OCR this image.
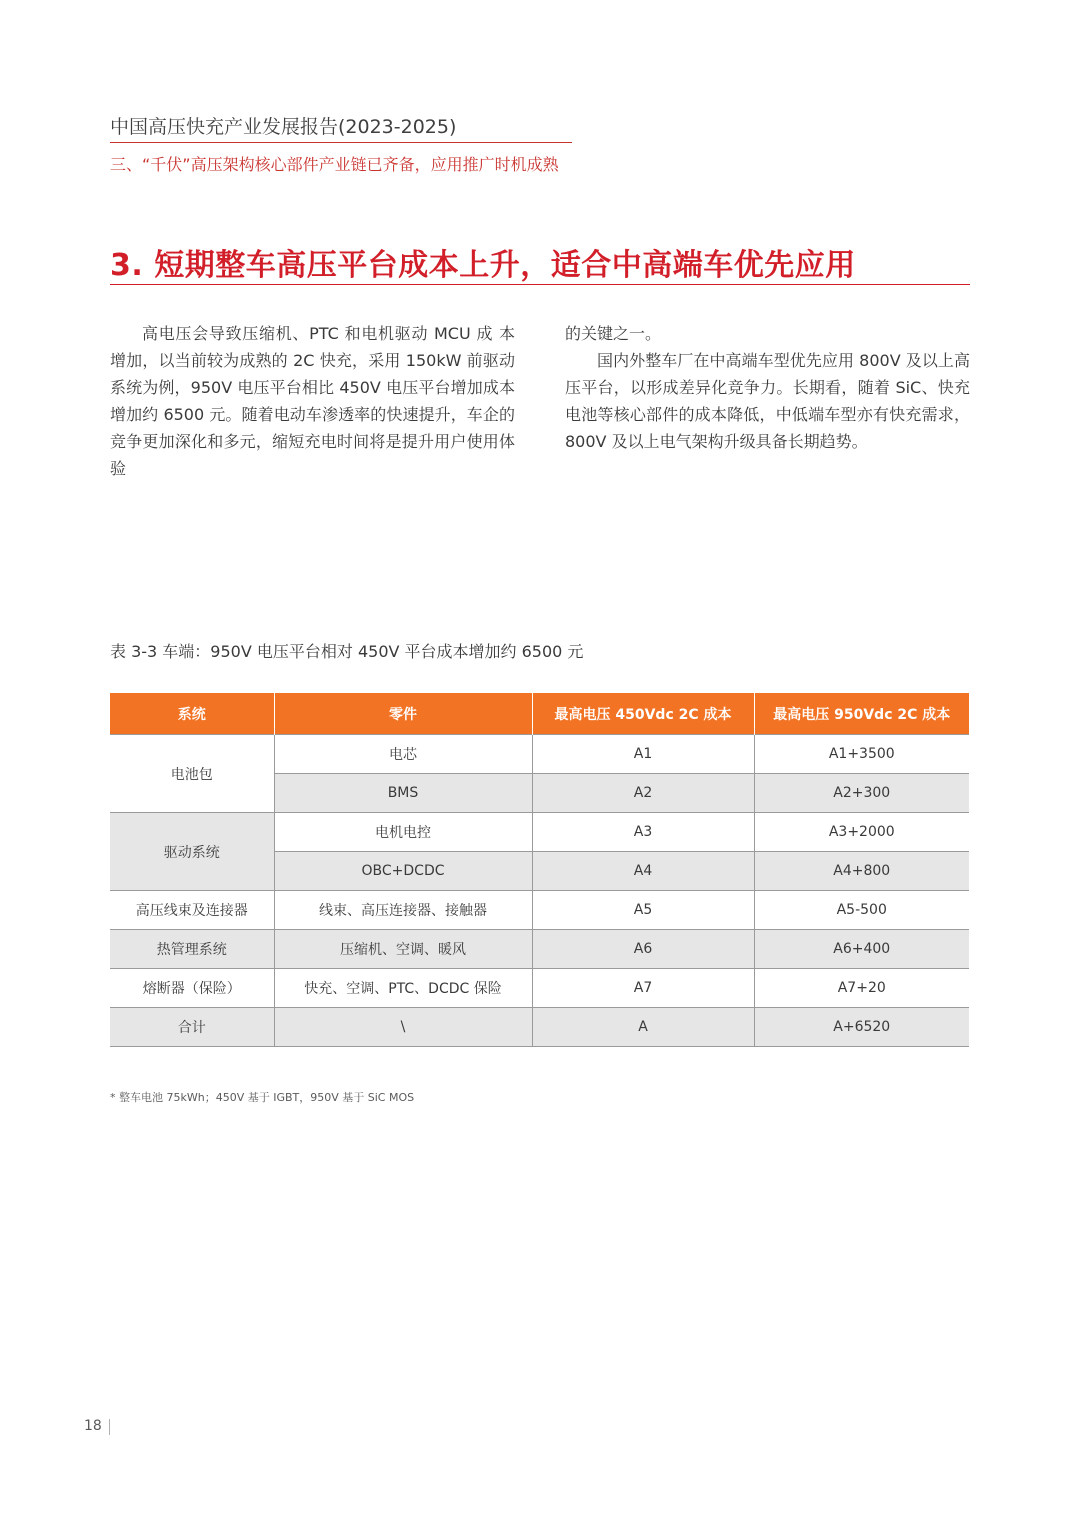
中国高压快充产业发展报告(2023-2025)
三、“千伏”高压架构核心部件产业链已齐备，应用推广时机成熟
3. 短期整车高压平台成本上升，适合中高端车优先应用

高电压会导致压缩机、PTC 和电机驱动 MCU 成 本增加，以当前较为成熟的 2C 快充，采用 150kW 前驱动 系统为例，950V 电压平台相比 450V 电压平台增加成本增加约 6500 元。随着电动车渗透率的快速提升，车企的竞争更加深化和多元，缩短充电时间将是提升用户使用体验

的关键之一。

国内外整车厂在中高端车型优先应用 800V 及以上高压平台，以形成差异化竞争力。长期看，随着 SiC、快充电池等核心部件的成本降低，中低端车型亦有快充需求，800V 及以上电气架构升级具备长期趋势。

表 3-3 车端：950V 电压平台相对 450V 平台成本增加约 6500 元
系统	零件	最高电压 450Vdc 2C 成本	最高电压 950Vdc 2C 成本
电池包	电芯	A1	A1+3500
	BMS	A2	A2+300
驱动系统	电机电控	A3	A3+2000
	OBC+DCDC	A4	A4+800
高压线束及连接器	线束、高压连接器、接触器	A5	A5-500
热管理系统	压缩机、空调、暖风	A6	A6+400
熔断器（保险）	快充、空调、PTC、DCDC 保险	A7	A7+20
合计	\	A	A+6520
* 整车电池 75kWh；450V 基于 IGBT，950V 基于 SiC MOS
18
